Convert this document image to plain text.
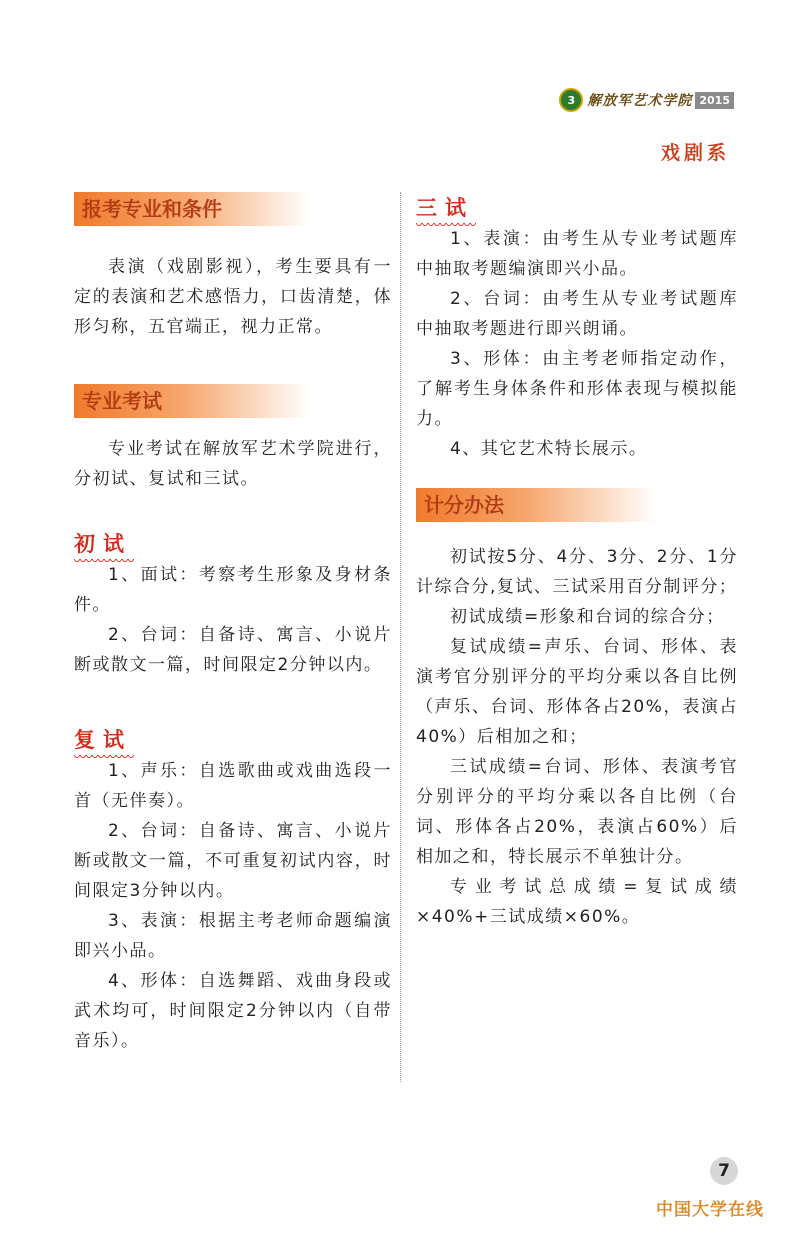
3 解放军艺术学院 2015
戏剧系
报考专业和条件

表演（戏剧影视），考生要具有一定的表演和艺术感悟力，口齿清楚，体形匀称，五官端正，视力正常。

专业考试

专业考试在解放军艺术学院进行，分初试、复试和三试。

初试

1、面试：考察考生形象及身材条件。

2、台词：自备诗、寓言、小说片断或散文一篇，时间限定2分钟以内。

复试

1、声乐：自选歌曲或戏曲选段一首（无伴奏）。

2、台词：自备诗、寓言、小说片断或散文一篇，不可重复初试内容，时间限定3分钟以内。

3、表演：根据主考老师命题编演即兴小品。

4、形体：自选舞蹈、戏曲身段或武术均可，时间限定2分钟以内（自带音乐）。

三试

1、表演：由考生从专业考试题库中抽取考题编演即兴小品。

2、台词：由考生从专业考试题库中抽取考题进行即兴朗诵。

3、形体：由主考老师指定动作，了解考生身体条件和形体表现与模拟能力。

4、其它艺术特长展示。

计分办法

初试按5分、4分、3分、2分、1分计综合分,复试、三试采用百分制评分；

初试成绩=形象和台词的综合分；

复试成绩=声乐、台词、形体、表演考官分别评分的平均分乘以各自比例（声乐、台词、形体各占20%，表演占40%）后相加之和；

三试成绩=台词、形体、表演考官分别评分的平均分乘以各自比例（台词、形体各占20%，表演占60%）后相加之和，特长展示不单独计分。

专业考试总成绩=复试成绩×40%+三试成绩×60%。

7
中国大学在线
